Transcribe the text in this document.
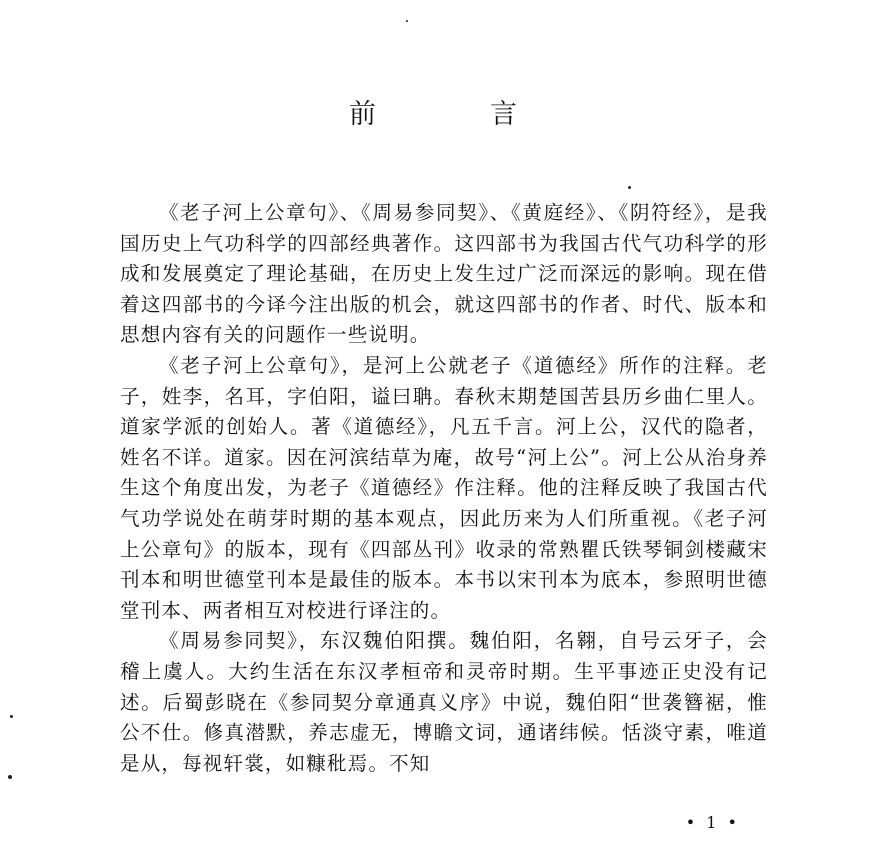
前	言

《老子河上公章句》、《周易参同契》、《黄庭经》、《阴符经》，是我国历史上气功科学的四部经典著作。这四部书为我国古代气功科学的形成和发展奠定了理论基础，在历史上发生过广泛而深远的影响。现在借着这四部书的今译今注出版的机会，就这四部书的作者、时代、版本和思想内容有关的问题作一些说明。

《老子河上公章句》，是河上公就老子《道德经》所作的注释。老子，姓李，名耳，字伯阳，谥曰聃。春秋末期楚国苦县历乡曲仁里人。道家学派的创始人。著《道德经》，凡五千言。河上公，汉代的隐者，姓名不详。道家。因在河滨结草为庵，故号“河上公”。河上公从治身养生这个角度出发，为老子《道德经》作注释。他的注释反映了我国古代气功学说处在萌芽时期的基本观点，因此历来为人们所重视。《老子河上公章句》的版本，现有《四部丛刊》收录的常熟瞿氏铁琴铜剑楼藏宋刊本和明世德堂刊本是最佳的版本。本书以宋刊本为底本，参照明世德堂刊本、两者相互对校进行译注的。

《周易参同契》，东汉魏伯阳撰。魏伯阳，名翱，自号云牙子，会稽上虞人。大约生活在东汉孝桓帝和灵帝时期。生平事迹正史没有记述。后蜀彭晓在《参同契分章通真义序》中说，魏伯阳“世袭簪裾，惟公不仕。修真潜默，养志虚无，博瞻文词，通诸纬候。恬淡守素，唯道是从，每视轩裳，如糠秕焉。不知

• 1 •
